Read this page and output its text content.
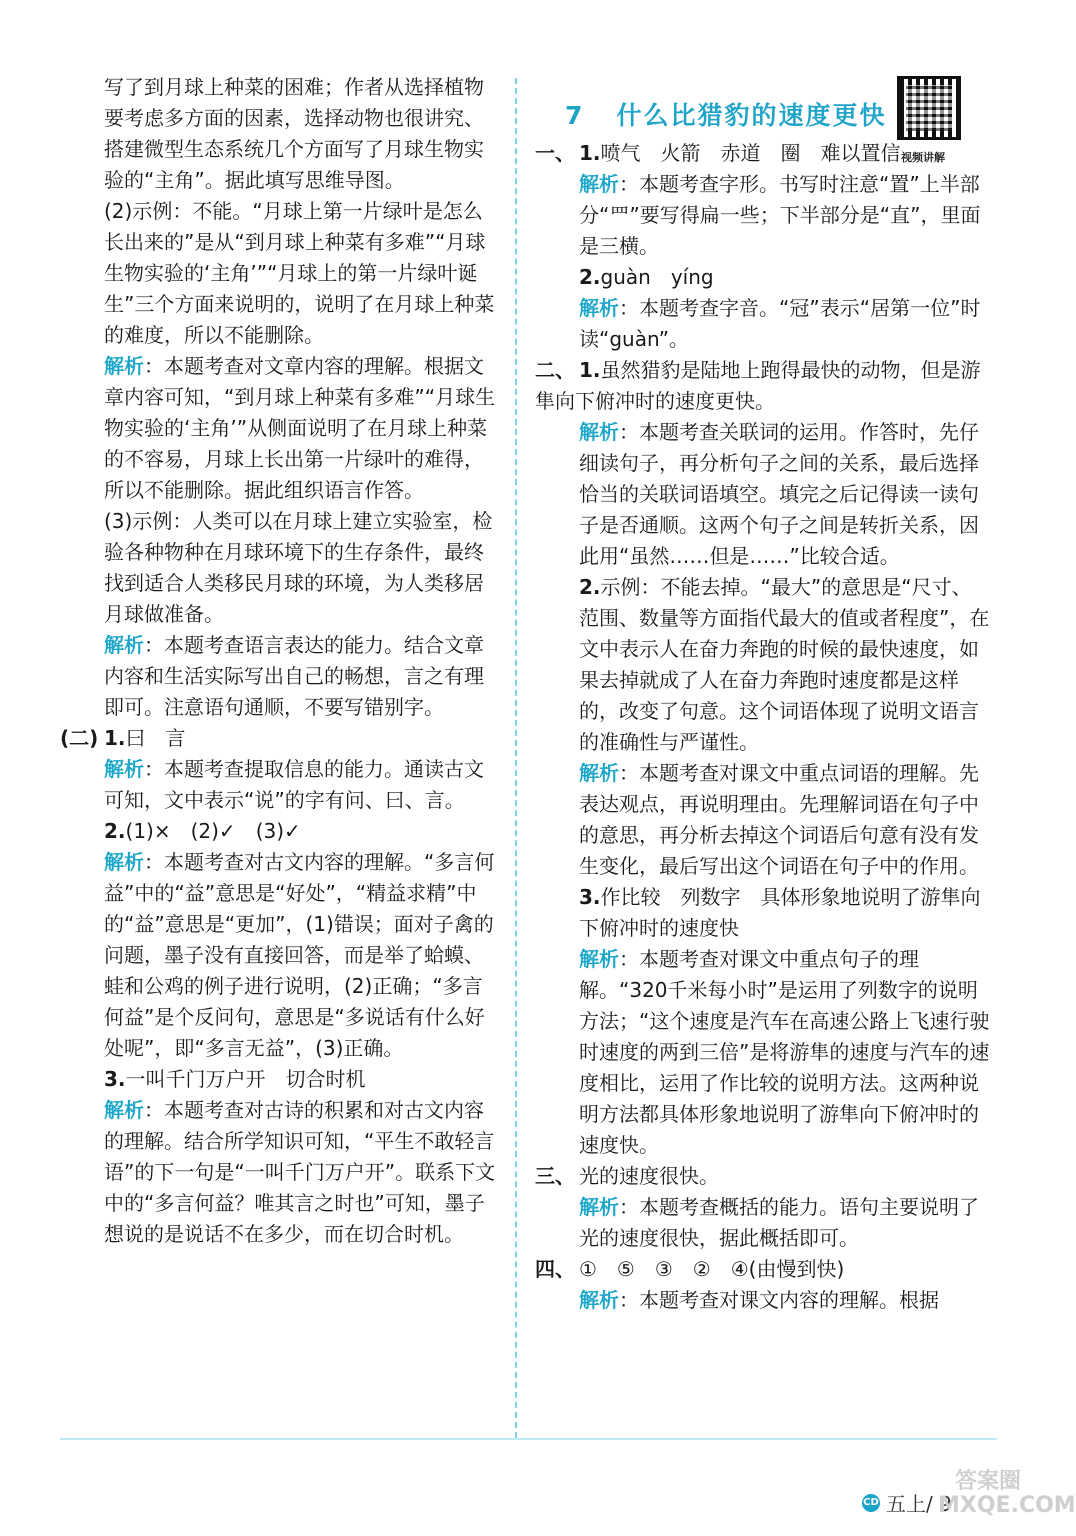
写了到月球上种菜的困难；作者从选择植物要考虑多方面的因素，选择动物也很讲究、搭建微型生态系统几个方面写了月球生物实验的“主角”。据此填写思维导图。

(2)示例：不能。“月球上第一片绿叶是怎么长出来的”是从“到月球上种菜有多难”“月球生物实验的‘主角’”“月球上的第一片绿叶诞生”三个方面来说明的，说明了在月球上种菜的难度，所以不能删除。

解析：本题考查对文章内容的理解。根据文章内容可知，“到月球上种菜有多难”“月球生物实验的‘主角’”从侧面说明了在月球上种菜的不容易，月球上长出第一片绿叶的难得，所以不能删除。据此组织语言作答。

(3)示例：人类可以在月球上建立实验室，检验各种物种在月球环境下的生存条件，最终找到适合人类移民月球的环境，为人类移居月球做准备。

解析：本题考查语言表达的能力。结合文章内容和生活实际写出自己的畅想，言之有理即可。注意语句通顺，不要写错别字。

(二) 1.曰　言

解析：本题考查提取信息的能力。通读古文可知，文中表示“说”的字有问、曰、言。

2.(1)×　(2)✓　(3)✓

解析：本题考查对古文内容的理解。“多言何益”中的“益”意思是“好处”，“精益求精”中的“益”意思是“更加”，(1)错误；面对子禽的问题，墨子没有直接回答，而是举了蛤蟆、蛙和公鸡的例子进行说明，(2)正确；“多言何益”是个反问句，意思是“多说话有什么好处呢”，即“多言无益”，(3)正确。

3.一叫千门万户开　切合时机

解析：本题考查对古诗的积累和对古文内容的理解。结合所学知识可知，“平生不敢轻言语”的下一句是“一叫千门万户开”。联系下文中的“多言何益？唯其言之时也”可知，墨子想说的是说话不在多少，而在切合时机。

7 什么比猎豹的速度更快
视频讲解

一、 1.喷气　火箭　赤道　圈　难以置信

解析：本题考查字形。书写时注意“置”上半部分“罒”要写得扁一些；下半部分是“直”，里面是三横。

2.guàn　yíng

解析：本题考查字音。“冠”表示“居第一位”时读“guàn”。

二、 1.虽然猎豹是陆地上跑得最快的动物，但是游隼向下俯冲时的速度更快。

解析：本题考查关联词的运用。作答时，先仔细读句子，再分析句子之间的关系，最后选择恰当的关联词语填空。填完之后记得读一读句子是否通顺。这两个句子之间是转折关系，因此用“虽然……但是……”比较合适。

2.示例：不能去掉。“最大”的意思是“尺寸、范围、数量等方面指代最大的值或者程度”，在文中表示人在奋力奔跑的时候的最快速度，如果去掉就成了人在奋力奔跑时速度都是这样的，改变了句意。这个词语体现了说明文语言的准确性与严谨性。

解析：本题考查对课文中重点词语的理解。先表达观点，再说明理由。先理解词语在句子中的意思，再分析去掉这个词语后句意有没有发生变化，最后写出这个词语在句子中的作用。

3.作比较　列数字　具体形象地说明了游隼向下俯冲时的速度快

解析：本题考查对课文中重点句子的理解。“320千米每小时”是运用了列数字的说明方法；“这个速度是汽车在高速公路上飞速行驶时速度的两到三倍”是将游隼的速度与汽车的速度相比，运用了作比较的说明方法。这两种说明方法都具体形象地说明了游隼向下俯冲时的速度快。

三、 光的速度很快。

解析：本题考查概括的能力。语句主要说明了光的速度很快，据此概括即可。

四、 ①　⑤　③　②　④(由慢到快)

解析：本题考查对课文内容的理解。根据

CD 五上/ 9
答案圈 MXQE.COM
